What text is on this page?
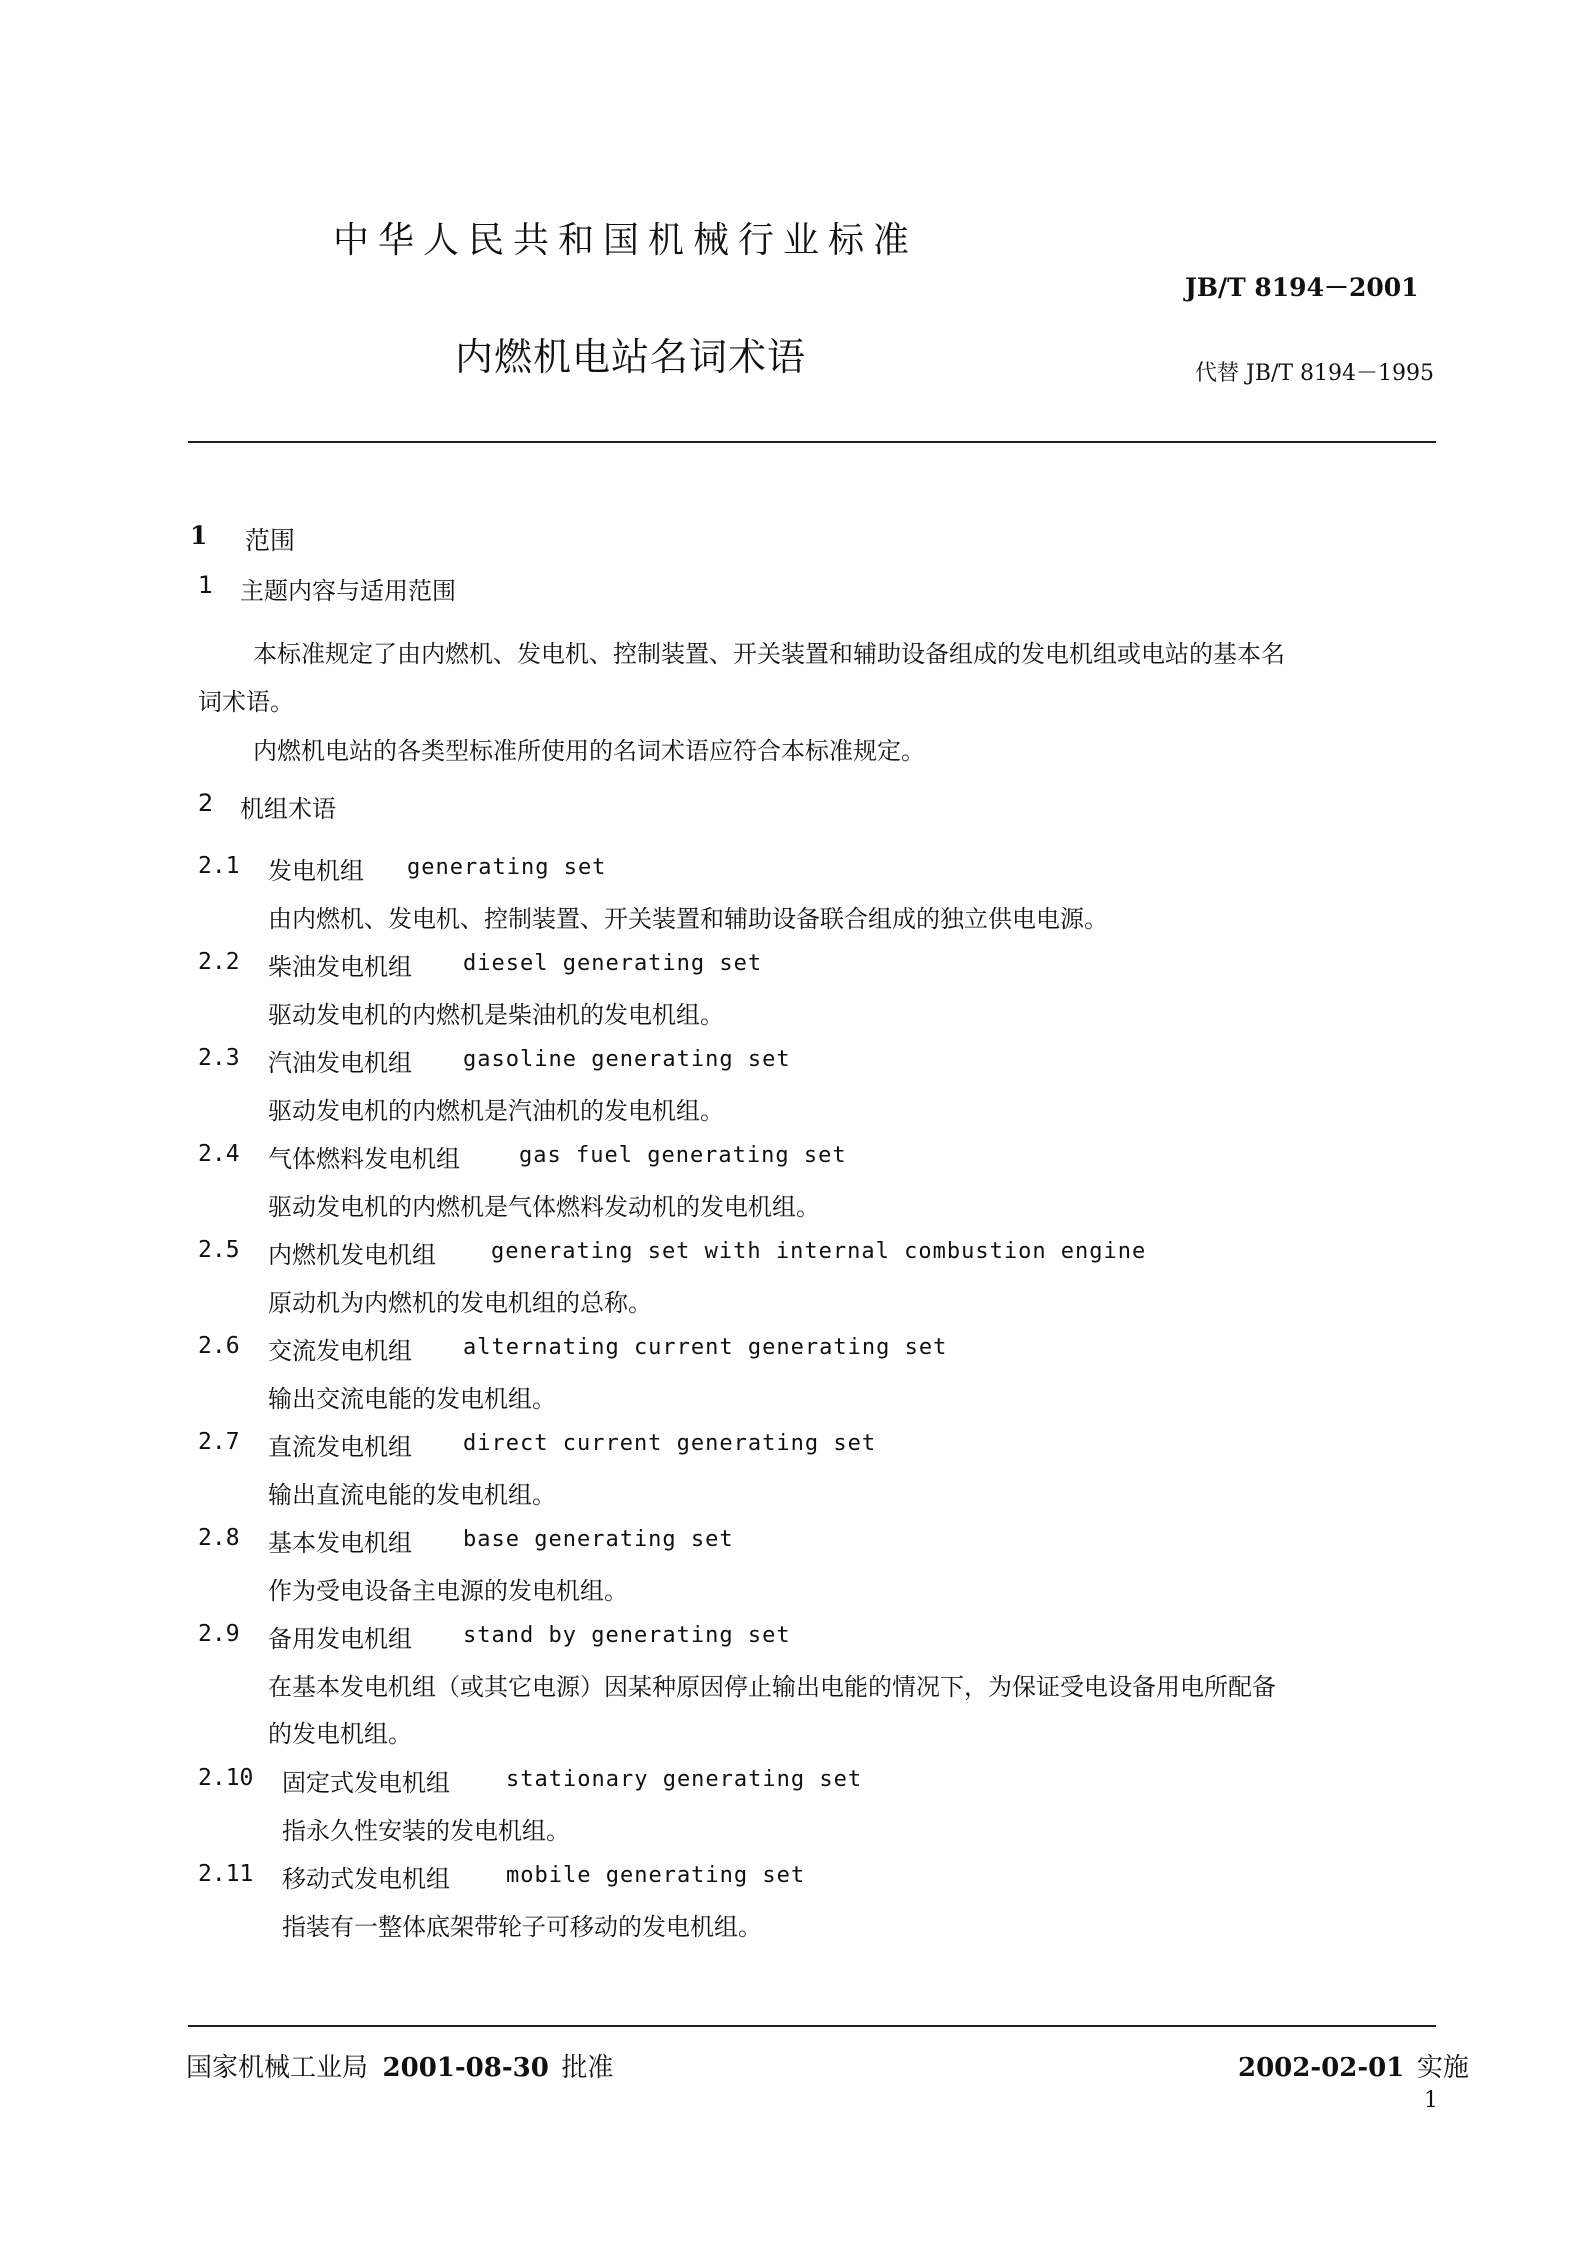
中华人民共和国机械行业标准
JB/T 8194－2001
内燃机电站名词术语	代替 JB/T 8194－1995
1 范围
1 主题内容与适用范围
本标准规定了由内燃机、发电机、控制装置、开关装置和辅助设备组成的发电机组或电站的基本名
词术语。
内燃机电站的各类型标准所使用的名词术语应符合本标准规定。
2 机组术语
2.1 发电机组 generating set
由内燃机、发电机、控制装置、开关装置和辅助设备联合组成的独立供电电源。
2.2 柴油发电机组 diesel generating set
驱动发电机的内燃机是柴油机的发电机组。
2.3 汽油发电机组 gasoline generating set
驱动发电机的内燃机是汽油机的发电机组。
2.4 气体燃料发电机组	gas fuel generating set
驱动发电机的内燃机是气体燃料发动机的发电机组。
2.5 内燃机发电机组	generating set with internal combustion engine
原动机为内燃机的发电机组的总称。
2.6 交流发电机组 alternating current generating set
输出交流电能的发电机组。
2.7 直流发电机组 direct current generating set
输出直流电能的发电机组。
2.8 基本发电机组 base generating set
作为受电设备主电源的发电机组。
2.9 备用发电机组 stand by generating set
在基本发电机组（或其它电源）因某种原因停止输出电能的情况下，为保证受电设备用电所配备
的发电机组。
2.10 固定式发电机组	stationary generating set
指永久性安装的发电机组。
2.11 移动式发电机组	mobile generating set
指装有一整体底架带轮子可移动的发电机组。
国家机械工业局 2001-08-30 批准	2002-02-01 实施
1
